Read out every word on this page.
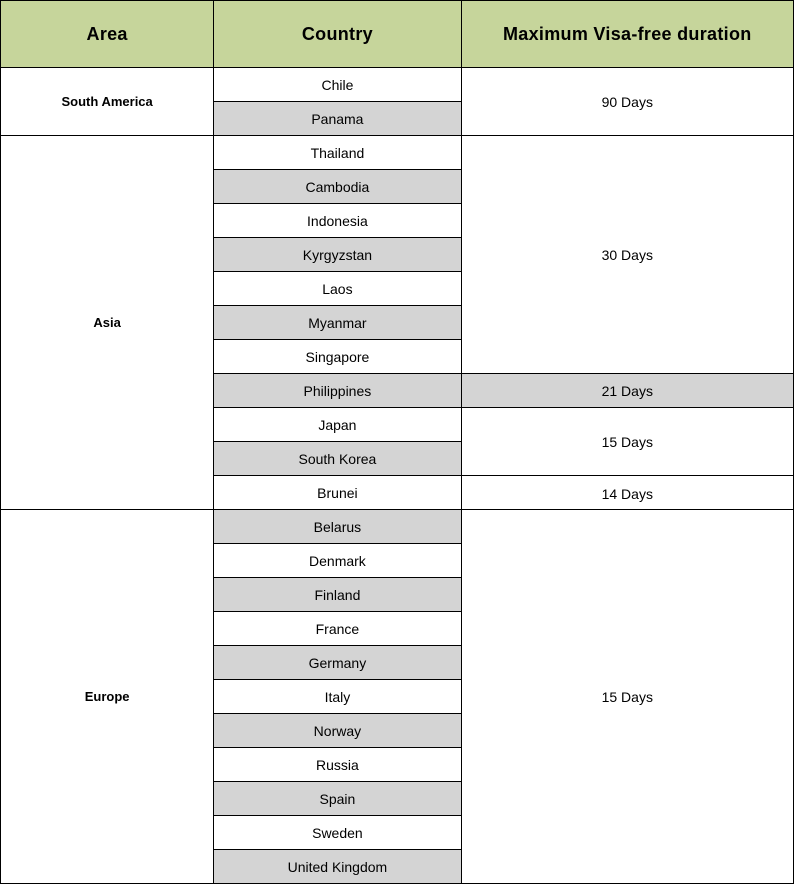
Area	Country	Maximum Visa-free duration
South America	Chile	90 Days
	Panama	
Asia	Thailand	30 Days
	Cambodia	
	Indonesia	
	Kyrgyzstan	
	Laos	
	Myanmar	
	Singapore	
	Philippines	21 Days
	Japan	15 Days
	South Korea	
	Brunei	14 Days
Europe	Belarus	15 Days
	Denmark	
	Finland	
	France	
	Germany	
	Italy	
	Norway	
	Russia	
	Spain	
	Sweden	
	United Kingdom	
